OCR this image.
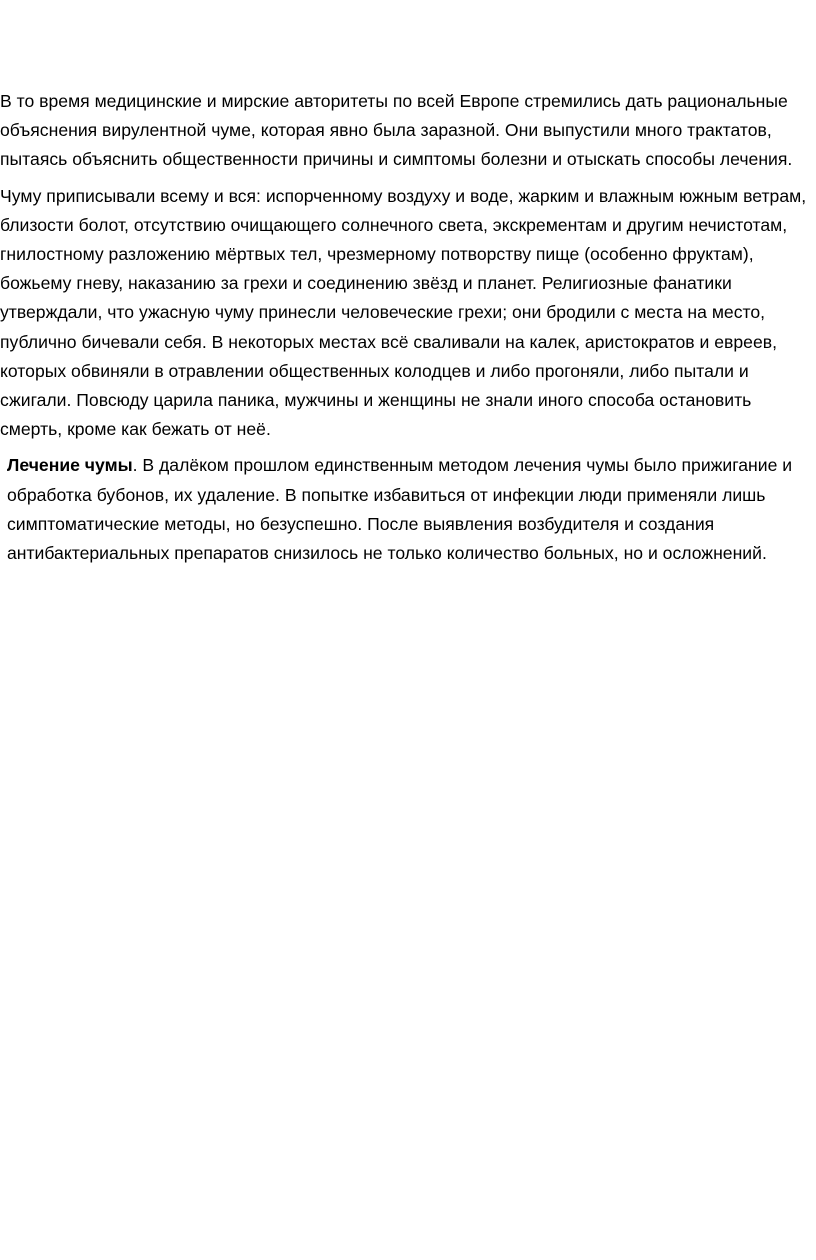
В то время медицинские и мирские авторитеты по всей Европе стремились дать рациональные объяснения вирулентной чуме, которая явно была заразной. Они выпустили много трактатов, пытаясь объяснить общественности причины и симптомы болезни и отыскать способы лечения.

Чуму приписывали всему и вся: испорченному воздуху и воде, жарким и влажным южным ветрам, близости болот, отсутствию очищающего солнечного света, экскрементам и другим нечистотам, гнилостному разложению мёртвых тел, чрезмерному потворству пище (особенно фруктам), божьему гневу, наказанию за грехи и соединению звёзд и планет. Религиозные фанатики утверждали, что ужасную чуму принесли человеческие грехи; они бродили с места на место, публично бичевали себя. В некоторых местах всё сваливали на калек, аристократов и евреев, которых обвиняли в отравлении общественных колодцев и либо прогоняли, либо пытали и сжигали. Повсюду царила паника, мужчины и женщины не знали иного способа остановить смерть, кроме как бежать от неё.

Лечение чумы. В далёком прошлом единственным методом лечения чумы было прижигание и обработка бубонов, их удаление. В попытке избавиться от инфекции люди применяли лишь симптоматические методы, но безуспешно. После выявления возбудителя и создания антибактериальных препаратов снизилось не только количество больных, но и осложнений.
